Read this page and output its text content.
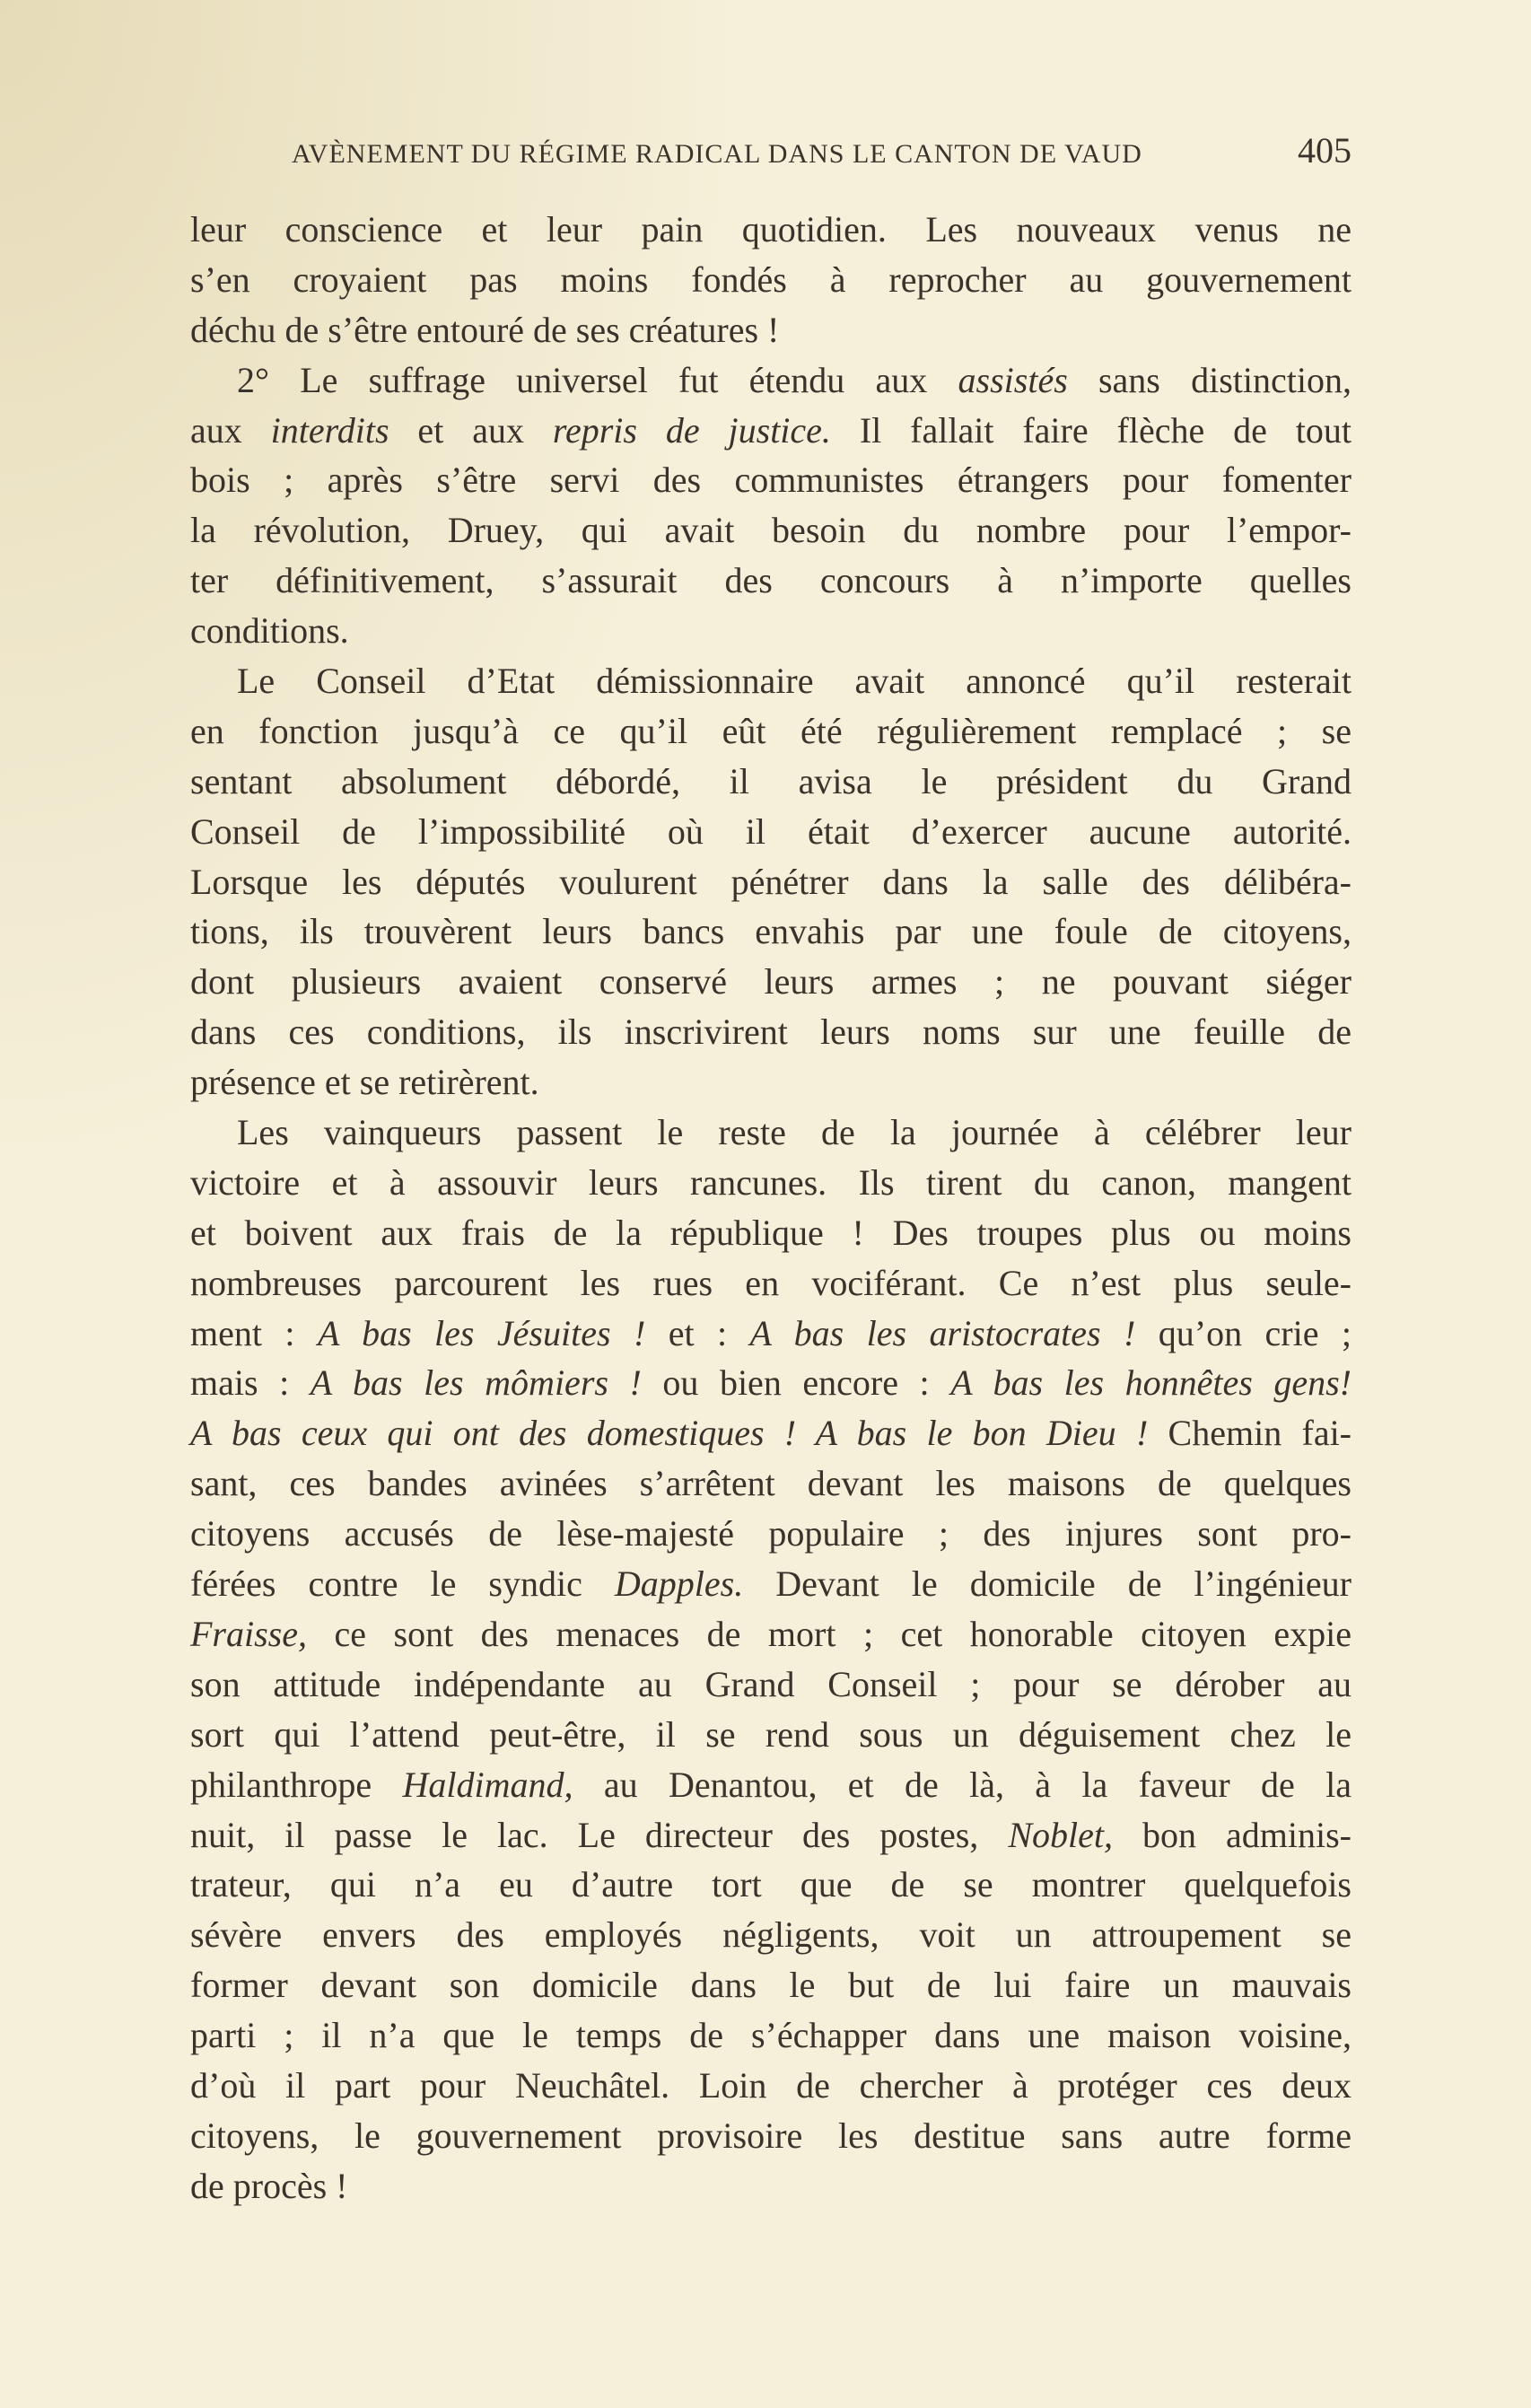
AVÈNEMENT DU RÉGIME RADICAL DANS LE CANTON DE VAUD	405
leur conscience et leur pain quotidien. Les nouveaux venus ne
s’en croyaient pas moins fondés à reprocher au gouvernement
déchu de s’être entouré de ses créatures !
2° Le suffrage universel fut étendu aux assistés sans distinction,
aux interdits et aux repris de justice. Il fallait faire flèche de tout
bois ; après s’être servi des communistes étrangers pour fomenter
la révolution, Druey, qui avait besoin du nombre pour l’empor-
ter définitivement, s’assurait des concours à n’importe quelles
conditions.
Le Conseil d’Etat démissionnaire avait annoncé qu’il resterait
en fonction jusqu’à ce qu’il eût été régulièrement remplacé ; se
sentant absolument débordé, il avisa le président du Grand
Conseil de l’impossibilité où il était d’exercer aucune autorité.
Lorsque les députés voulurent pénétrer dans la salle des délibéra-
tions, ils trouvèrent leurs bancs envahis par une foule de citoyens,
dont plusieurs avaient conservé leurs armes ; ne pouvant siéger
dans ces conditions, ils inscrivirent leurs noms sur une feuille de
présence et se retirèrent.
Les vainqueurs passent le reste de la journée à célébrer leur
victoire et à assouvir leurs rancunes. Ils tirent du canon, mangent
et boivent aux frais de la république ! Des troupes plus ou moins
nombreuses parcourent les rues en vociférant. Ce n’est plus seule-
ment : A bas les Jésuites ! et : A bas les aristocrates ! qu’on crie ;
mais : A bas les mômiers ! ou bien encore : A bas les honnêtes gens!
A bas ceux qui ont des domestiques ! A bas le bon Dieu ! Chemin fai-
sant, ces bandes avinées s’arrêtent devant les maisons de quelques
citoyens accusés de lèse-majesté populaire ; des injures sont pro-
férées contre le syndic Dapples. Devant le domicile de l’ingénieur
Fraisse, ce sont des menaces de mort ; cet honorable citoyen expie
son attitude indépendante au Grand Conseil ; pour se dérober au
sort qui l’attend peut-être, il se rend sous un déguisement chez le
philanthrope Haldimand, au Denantou, et de là, à la faveur de la
nuit, il passe le lac. Le directeur des postes, Noblet, bon adminis-
trateur, qui n’a eu d’autre tort que de se montrer quelquefois
sévère envers des employés négligents, voit un attroupement se
former devant son domicile dans le but de lui faire un mauvais
parti ; il n’a que le temps de s’échapper dans une maison voisine,
d’où il part pour Neuchâtel. Loin de chercher à protéger ces deux
citoyens, le gouvernement provisoire les destitue sans autre forme
de procès !
